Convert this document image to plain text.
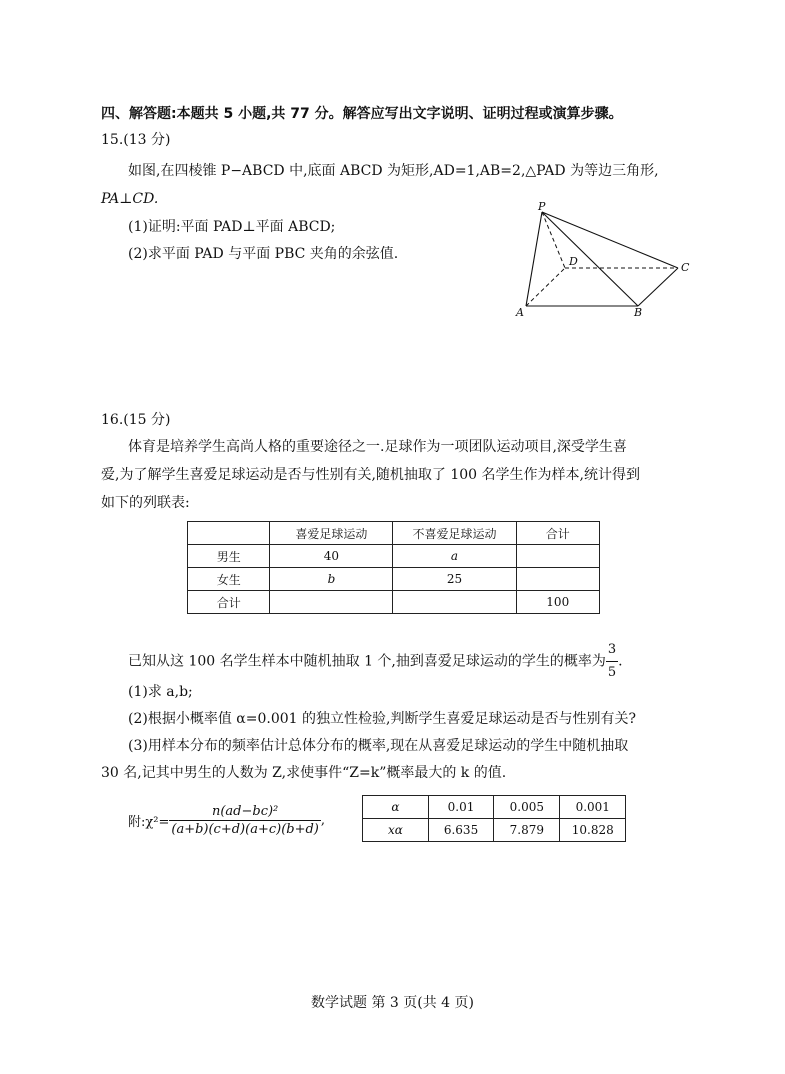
四、解答题:本题共 5 小题,共 77 分。解答应写出文字说明、证明过程或演算步骤。
15.(13 分)
如图,在四棱锥 P−ABCD 中,底面 ABCD 为矩形,AD=1,AB=2,△PAD 为等边三角形,
PA⊥CD.
(1)证明:平面 PAD⊥平面 ABCD;
(2)求平面 PAD 与平面 PBC 夹角的余弦值.
P
D	C
A	B
16.(15 分)
体育是培养学生高尚人格的重要途径之一.足球作为一项团队运动项目,深受学生喜
爱,为了解学生喜爱足球运动是否与性别有关,随机抽取了 100 名学生作为样本,统计得到
如下的列联表:
	喜爱足球运动	不喜爱足球运动	合计
男生	40	a	
女生	b	25	
合计			100
已知从这 100 名学生样本中随机抽取 1 个,抽到喜爱足球运动的学生的概率为 $\frac{3}{5}$ .
(1)求 a,b;
(2)根据小概率值 α=0.001 的独立性检验,判断学生喜爱足球运动是否与性别有关?
(3)用样本分布的频率估计总体分布的概率,现在从喜爱足球运动的学生中随机抽取
30 名,记其中男生的人数为 Z,求使事件“Z=k”概率最大的 k 的值.
附:χ²= $\frac{\text{n(ad−bc)²}}{(a+b)(c+d)(a+c)(b+d)}$ ,
α	0.01	0.005	0.001
xα	6.635	7.879	10.828
数学试题 第 3 页(共 4 页)
